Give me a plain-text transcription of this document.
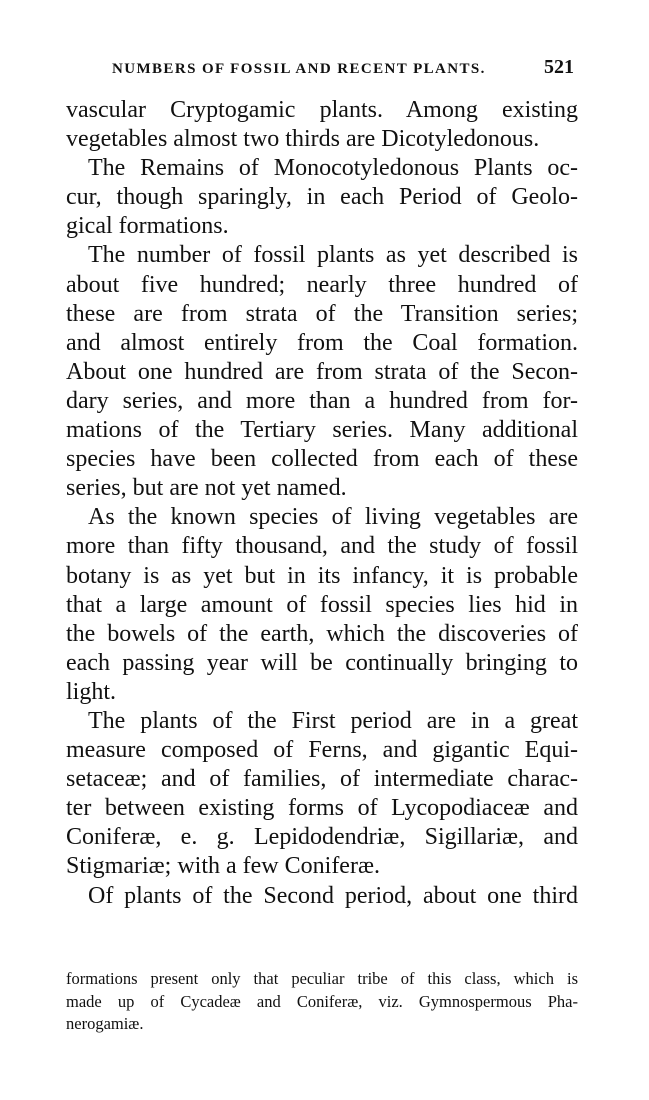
NUMBERS OF FOSSIL AND RECENT PLANTS.	521
vascular Cryptogamic plants. Among existing
vegetables almost two thirds are Dicotyledonous.
The Remains of Monocotyledonous Plants oc-
cur, though sparingly, in each Period of Geolo-
gical formations.
The number of fossil plants as yet described is
about five hundred; nearly three hundred of
these are from strata of the Transition series;
and almost entirely from the Coal formation.
About one hundred are from strata of the Secon-
dary series, and more than a hundred from for-
mations of the Tertiary series. Many additional
species have been collected from each of these
series, but are not yet named.
As the known species of living vegetables are
more than fifty thousand, and the study of fossil
botany is as yet but in its infancy, it is probable
that a large amount of fossil species lies hid in
the bowels of the earth, which the discoveries of
each passing year will be continually bringing to
light.
The plants of the First period are in a great
measure composed of Ferns, and gigantic Equi-
setaceæ; and of families, of intermediate charac-
ter between existing forms of Lycopodiaceæ and
Coniferæ, e. g. Lepidodendriæ, Sigillariæ, and
Stigmariæ; with a few Coniferæ.
Of plants of the Second period, about one third
formations present only that peculiar tribe of this class, which is
made up of Cycadeæ and Coniferæ, viz. Gymnospermous Pha-
nerogamiæ.
